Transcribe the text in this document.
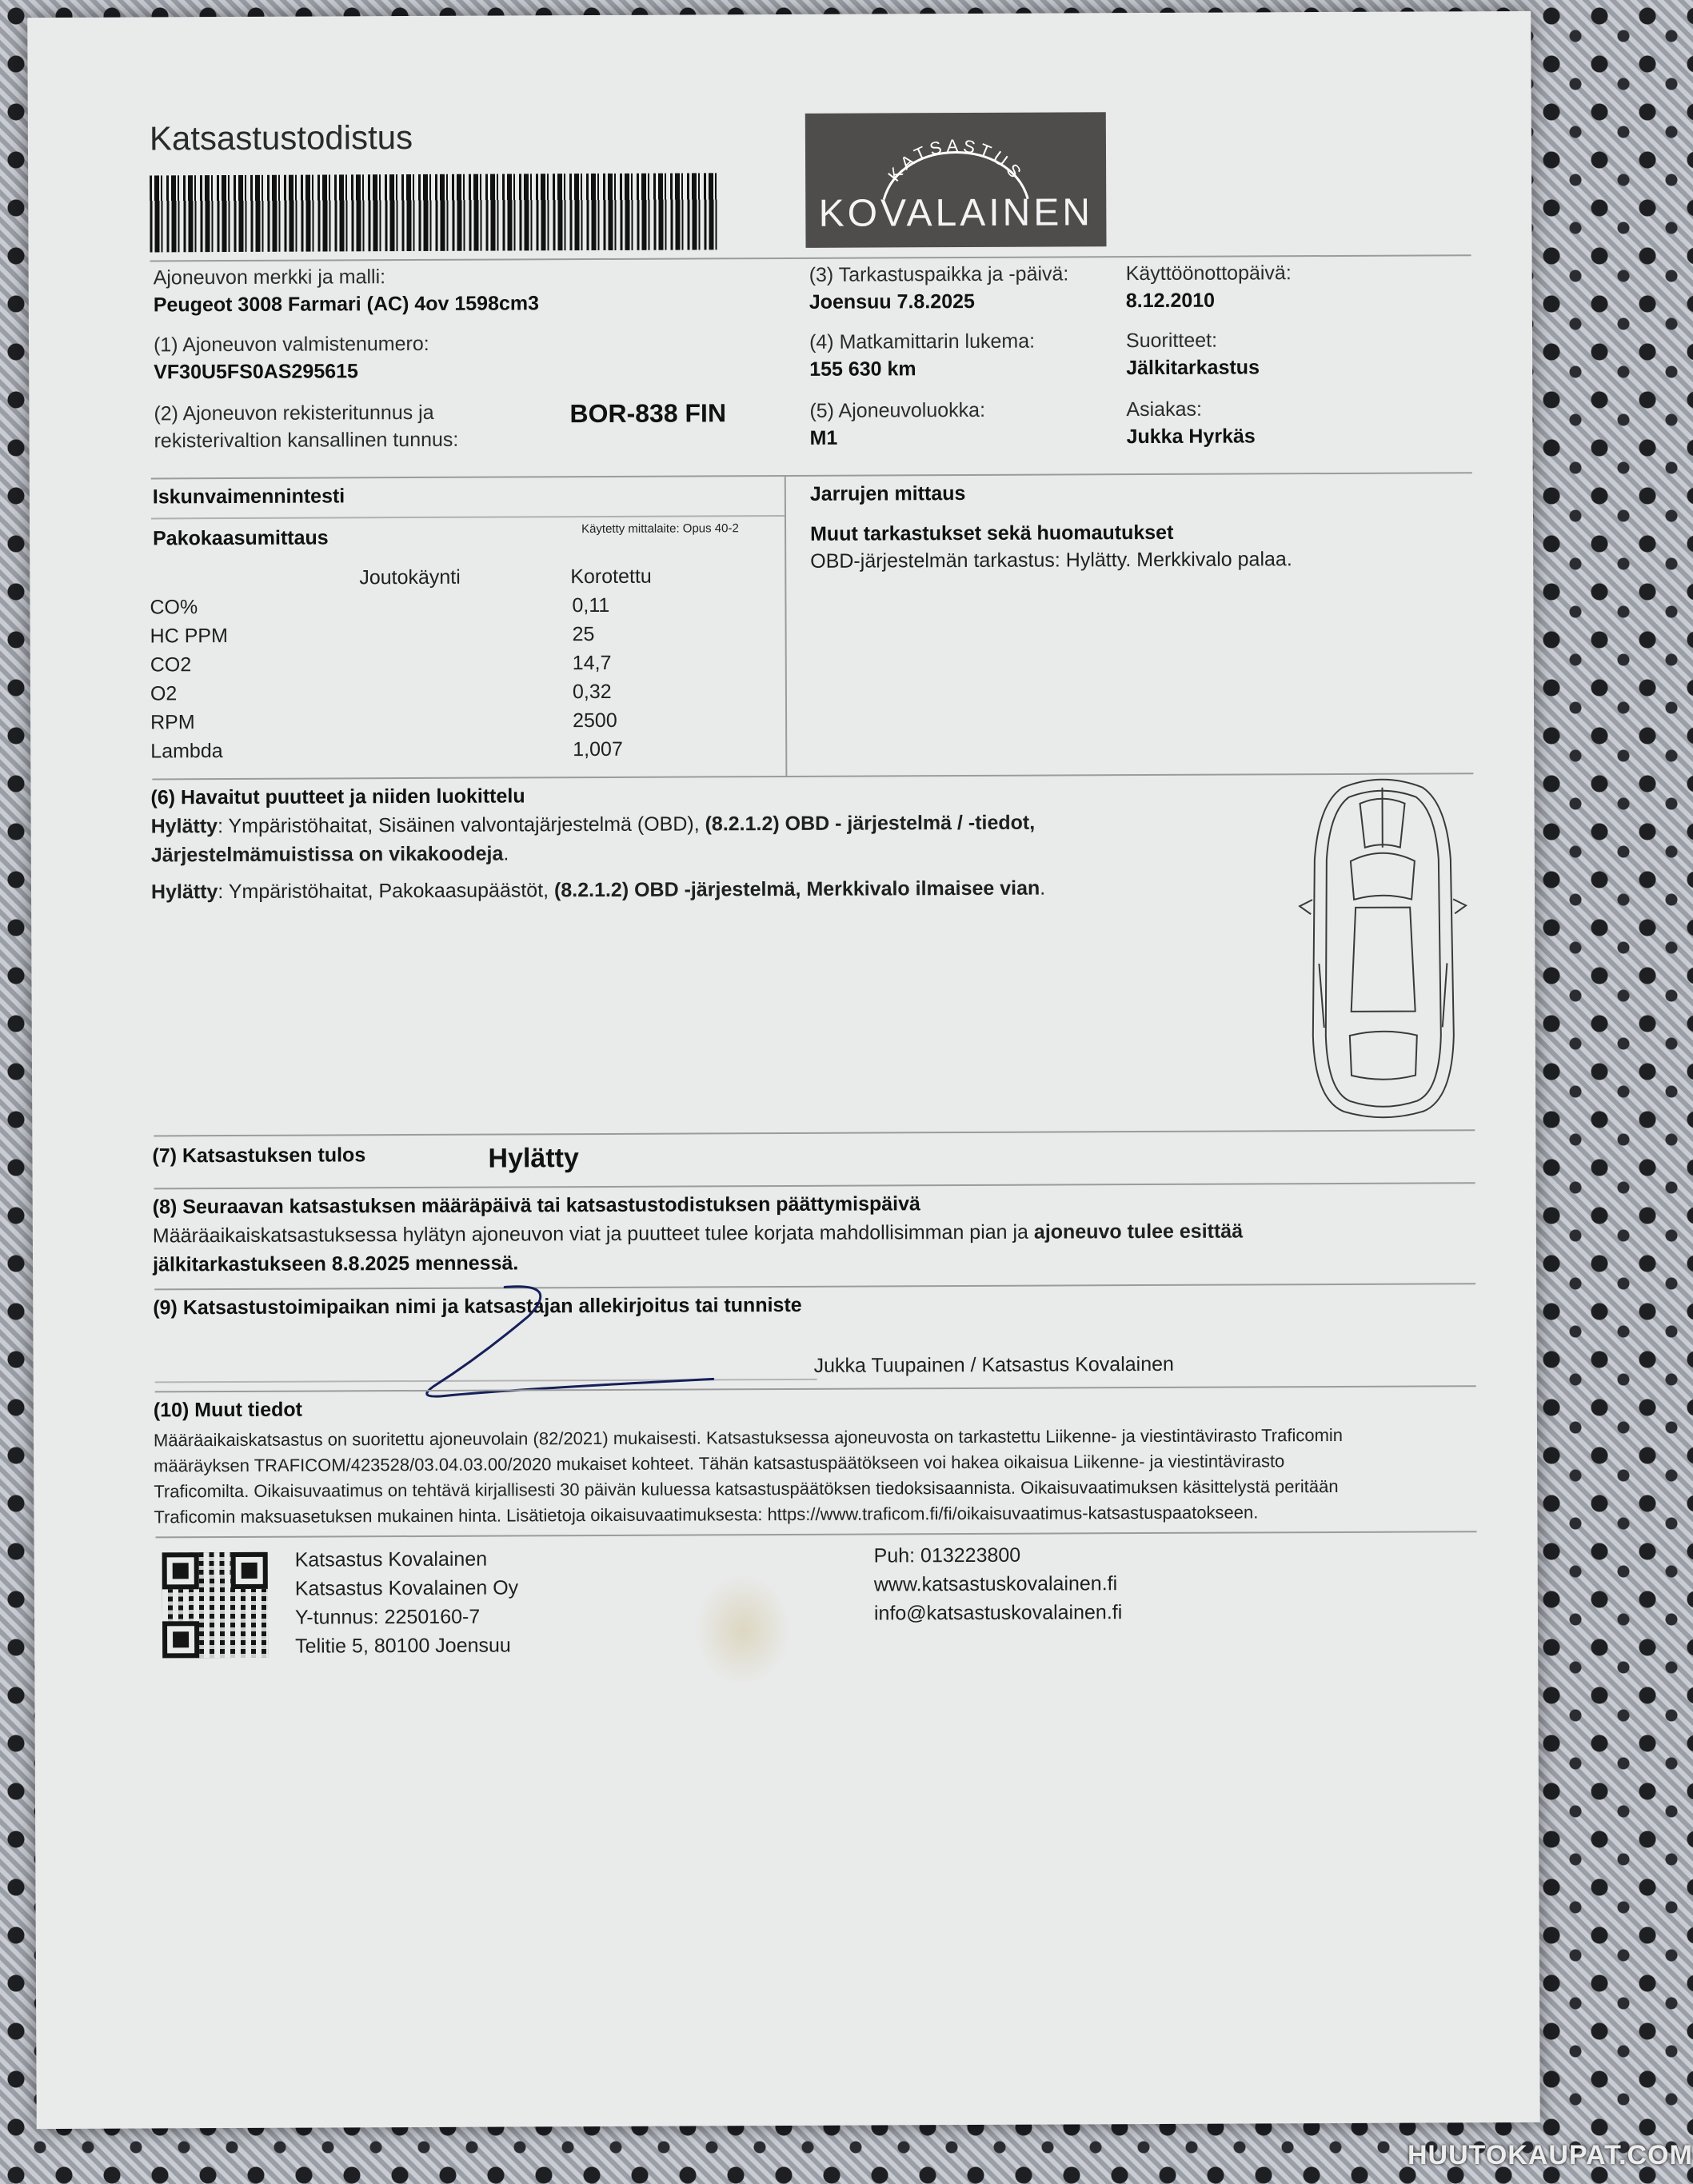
Katsastustodistus
KATSASTUS
KOVALAINEN
Ajoneuvon merkki ja malli:
Peugeot 3008 Farmari (AC) 4ov 1598cm3
(1) Ajoneuvon valmistenumero:
VF30U5FS0AS295615
(2) Ajoneuvon rekisteritunnus ja
rekisterivaltion kansallinen tunnus:
BOR-838 FIN
(3) Tarkastuspaikka ja -päivä:
Joensuu 7.8.2025
Käyttöönottopäivä:
8.12.2010
(4) Matkamittarin lukema:
155 630 km
Suoritteet:
Jälkitarkastus
(5) Ajoneuvoluokka:
M1
Asiakas:
Jukka Hyrkäs
Iskunvaimennintesti	Jarrujen mittaus
Pakokaasumittaus	Käytetty mittalaite: Opus 40-2	Muut tarkastukset sekä huomautukset
OBD-järjestelmän tarkastus: Hylätty. Merkkivalo palaa.
Joutokäynti	Korotettu
CO%	0,11
HC PPM	25
CO2	14,7
O2	0,32
RPM	2500
Lambda	1,007
(6) Havaitut puutteet ja niiden luokittelu
Hylätty: Ympäristöhaitat, Sisäinen valvontajärjestelmä (OBD), (8.2.1.2) OBD - järjestelmä / -tiedot,
Järjestelmämuistissa on vikakoodeja.
Hylätty: Ympäristöhaitat, Pakokaasupäästöt, (8.2.1.2) OBD -järjestelmä, Merkkivalo ilmaisee vian.
(7) Katsastuksen tulos	Hylätty
(8) Seuraavan katsastuksen määräpäivä tai katsastustodistuksen päättymispäivä
Määräaikaiskatsastuksessa hylätyn ajoneuvon viat ja puutteet tulee korjata mahdollisimman pian ja ajoneuvo tulee esittää
jälkitarkastukseen 8.8.2025 mennessä.
(9) Katsastustoimipaikan nimi ja katsastajan allekirjoitus tai tunniste
Jukka Tuupainen / Katsastus Kovalainen
(10) Muut tiedot
Määräaikaiskatsastus on suoritettu ajoneuvolain (82/2021) mukaisesti. Katsastuksessa ajoneuvosta on tarkastettu Liikenne- ja viestintävirasto Traficomin
määräyksen TRAFICOM/423528/03.04.03.00/2020 mukaiset kohteet. Tähän katsastuspäätökseen voi hakea oikaisua Liikenne- ja viestintävirasto
Traficomilta. Oikaisuvaatimus on tehtävä kirjallisesti 30 päivän kuluessa katsastuspäätöksen tiedoksisaannista. Oikaisuvaatimuksen käsittelystä peritään
Traficomin maksuasetuksen mukainen hinta. Lisätietoja oikaisuvaatimuksesta: https://www.traficom.fi/fi/oikaisuvaatimus-katsastuspaatokseen.
Katsastus Kovalainen
Katsastus Kovalainen Oy
Y-tunnus: 2250160-7
Telitie 5, 80100 Joensuu
Puh: 013223800
www.katsastuskovalainen.fi
info@katsastuskovalainen.fi
HUUTOKAUPAT.COM
